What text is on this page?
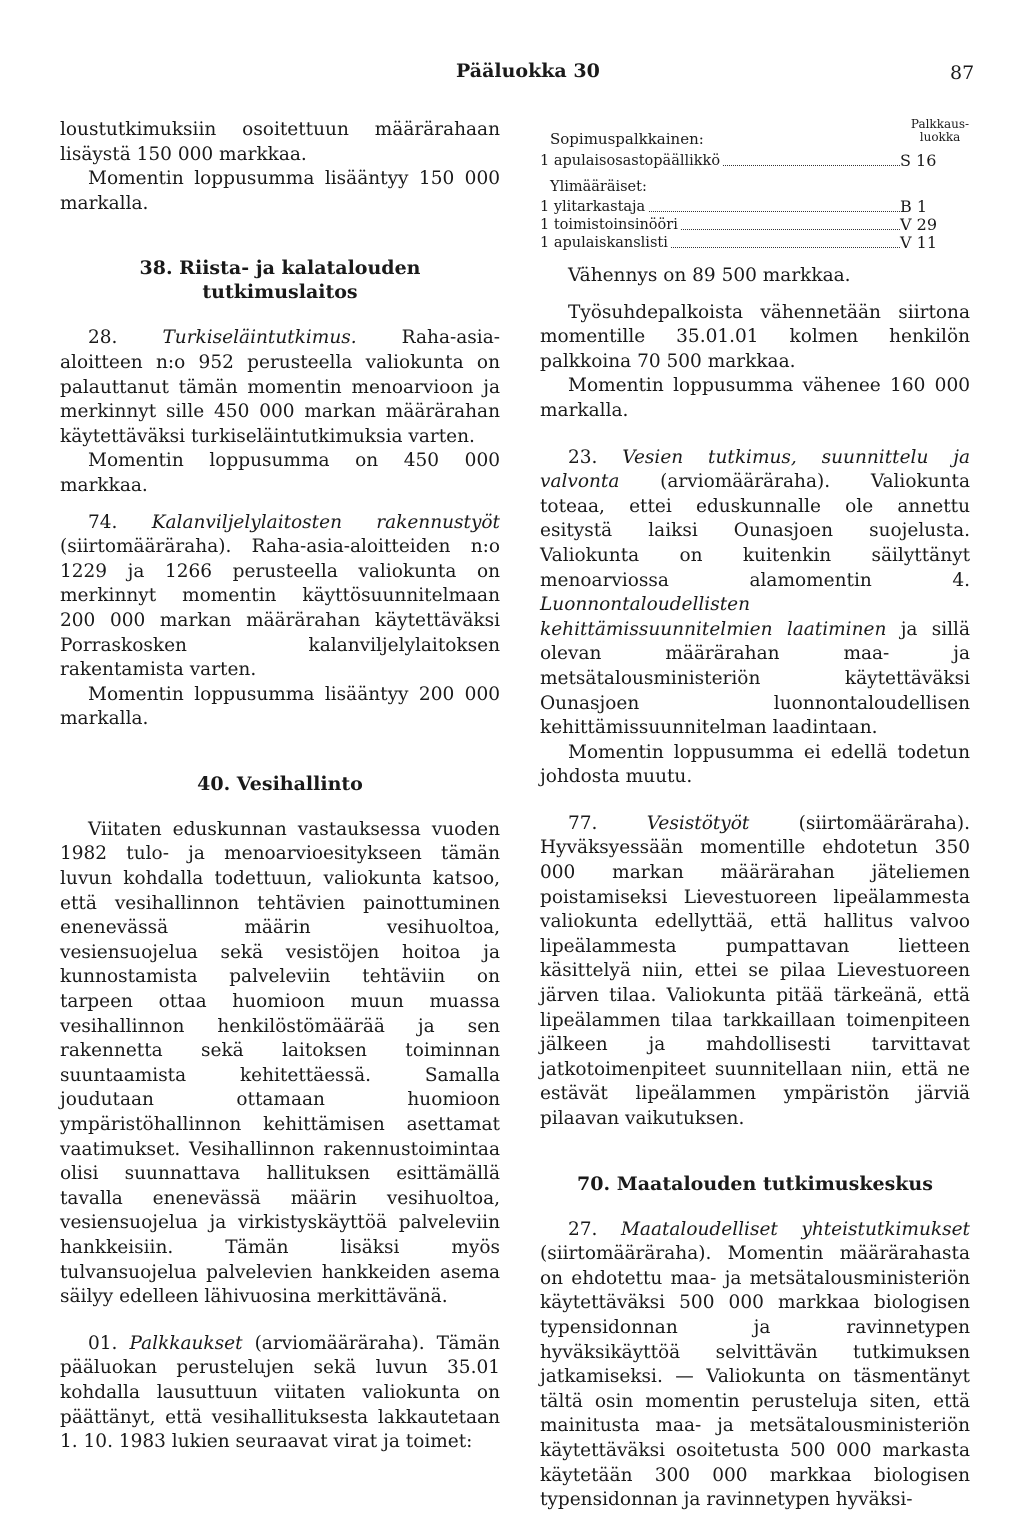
Pääluokka 30	87

loustutkimuksiin osoitettuun määrärahaan lisäystä 150 000 markkaa.

Momentin loppusumma lisääntyy 150 000 markalla.

38. Riista- ja kalatalouden
tutkimuslaitos

28. Turkiseläintutkimus. Raha-asia-aloitteen n:o 952 perusteella valiokunta on palauttanut tämän momentin menoarvioon ja merkinnyt sille 450 000 markan määrärahan käytettäväksi turkiseläintutkimuksia varten.

Momentin loppusumma on 450 000 markkaa.

74. Kalanviljelylaitosten rakennustyöt (siirtomääräraha). Raha-asia-aloitteiden n:o 1229 ja 1266 perusteella valiokunta on merkinnyt momentin käyttösuunnitelmaan 200 000 markan määrärahan käytettäväksi Porraskosken kalanviljelylaitoksen rakentamista varten.

Momentin loppusumma lisääntyy 200 000 markalla.

40. Vesihallinto

Viitaten eduskunnan vastauksessa vuoden 1982 tulo- ja menoarvioesitykseen tämän luvun kohdalla todettuun, valiokunta katsoo, että vesihallinnon tehtävien painottuminen enenevässä määrin vesihuoltoa, vesiensuojelua sekä vesistöjen hoitoa ja kunnostamista palveleviin tehtäviin on tarpeen ottaa huomioon muun muassa vesihallinnon henkilöstömäärää ja sen rakennetta sekä laitoksen toiminnan suuntaamista kehitettäessä. Samalla joudutaan ottamaan huomioon ympäristöhallinnon kehittämisen asettamat vaatimukset. Vesihallinnon rakennustoimintaa olisi suunnattava hallituksen esittämällä tavalla enenevässä määrin vesihuoltoa, vesiensuojelua ja virkistyskäyttöä palveleviin hankkeisiin. Tämän lisäksi myös tulvansuojelua palvelevien hankkeiden asema säilyy edelleen lähivuosina merkittävänä.

01. Palkkaukset (arviomääräraha). Tämän pääluokan perustelujen sekä luvun 35.01 kohdalla lausuttuun viitaten valiokunta on päättänyt, että vesihallituksesta lakkautetaan 1. 10. 1983 lukien seuraavat virat ja toimet:

Sopimuspalkkainen:
Palkkaus-
luokka
1 apulaisosastopäällikkö	S 16
Ylimääräiset:
1 ylitarkastaja	B 1
1 toimistoinsinööri	V 29
1 apulaiskanslisti	V 11

Vähennys on 89 500 markkaa.

Työsuhdepalkoista vähennetään siirtona momentille 35.01.01 kolmen henkilön palkkoina 70 500 markkaa.

Momentin loppusumma vähenee 160 000 markalla.

23. Vesien tutkimus, suunnittelu ja valvonta (arviomääräraha). Valiokunta toteaa, ettei eduskunnalle ole annettu esitystä laiksi Ounasjoen suojelusta. Valiokunta on kuitenkin säilyttänyt menoarviossa alamomentin 4. Luonnontaloudellisten kehittämissuunnitelmien laatiminen ja sillä olevan määrärahan maa- ja metsätalousministeriön käytettäväksi Ounasjoen luonnontaloudellisen kehittämissuunnitelman laadintaan.

Momentin loppusumma ei edellä todetun johdosta muutu.

77.	Vesistötyöt	(siirtomääräraha). Hyväksyessään momentille ehdotetun 350 000 markan määrärahan jäteliemen poistamiseksi Lievestuoreen lipeälammesta valiokunta edellyttää, että hallitus valvoo lipeälammesta pumpattavan lietteen käsittelyä niin, ettei se pilaa Lievestuoreen järven tilaa. Valiokunta pitää tärkeänä, että lipeälammen tilaa tarkkaillaan toimenpiteen jälkeen ja mahdollisesti tarvittavat jatkotoimenpiteet suunnitellaan niin, että ne estävät lipeälammen ympäristön järviä pilaavan vaikutuksen.

70. Maatalouden tutkimuskeskus

27. Maataloudelliset yhteistutkimukset (siirtomääräraha). Momentin määrärahasta on ehdotettu maa- ja metsätalousministeriön käytettäväksi 500 000 markkaa biologisen typensidonnan ja ravinnetypen hyväksikäyttöä selvittävän tutkimuksen jatkamiseksi. — Valiokunta on täsmentänyt tältä osin momentin perusteluja siten, että mainitusta maa- ja metsätalousministeriön käytettäväksi osoitetusta 500 000 markasta käytetään 300 000 markkaa biologisen typensidonnan ja ravinnetypen hyväksi-
